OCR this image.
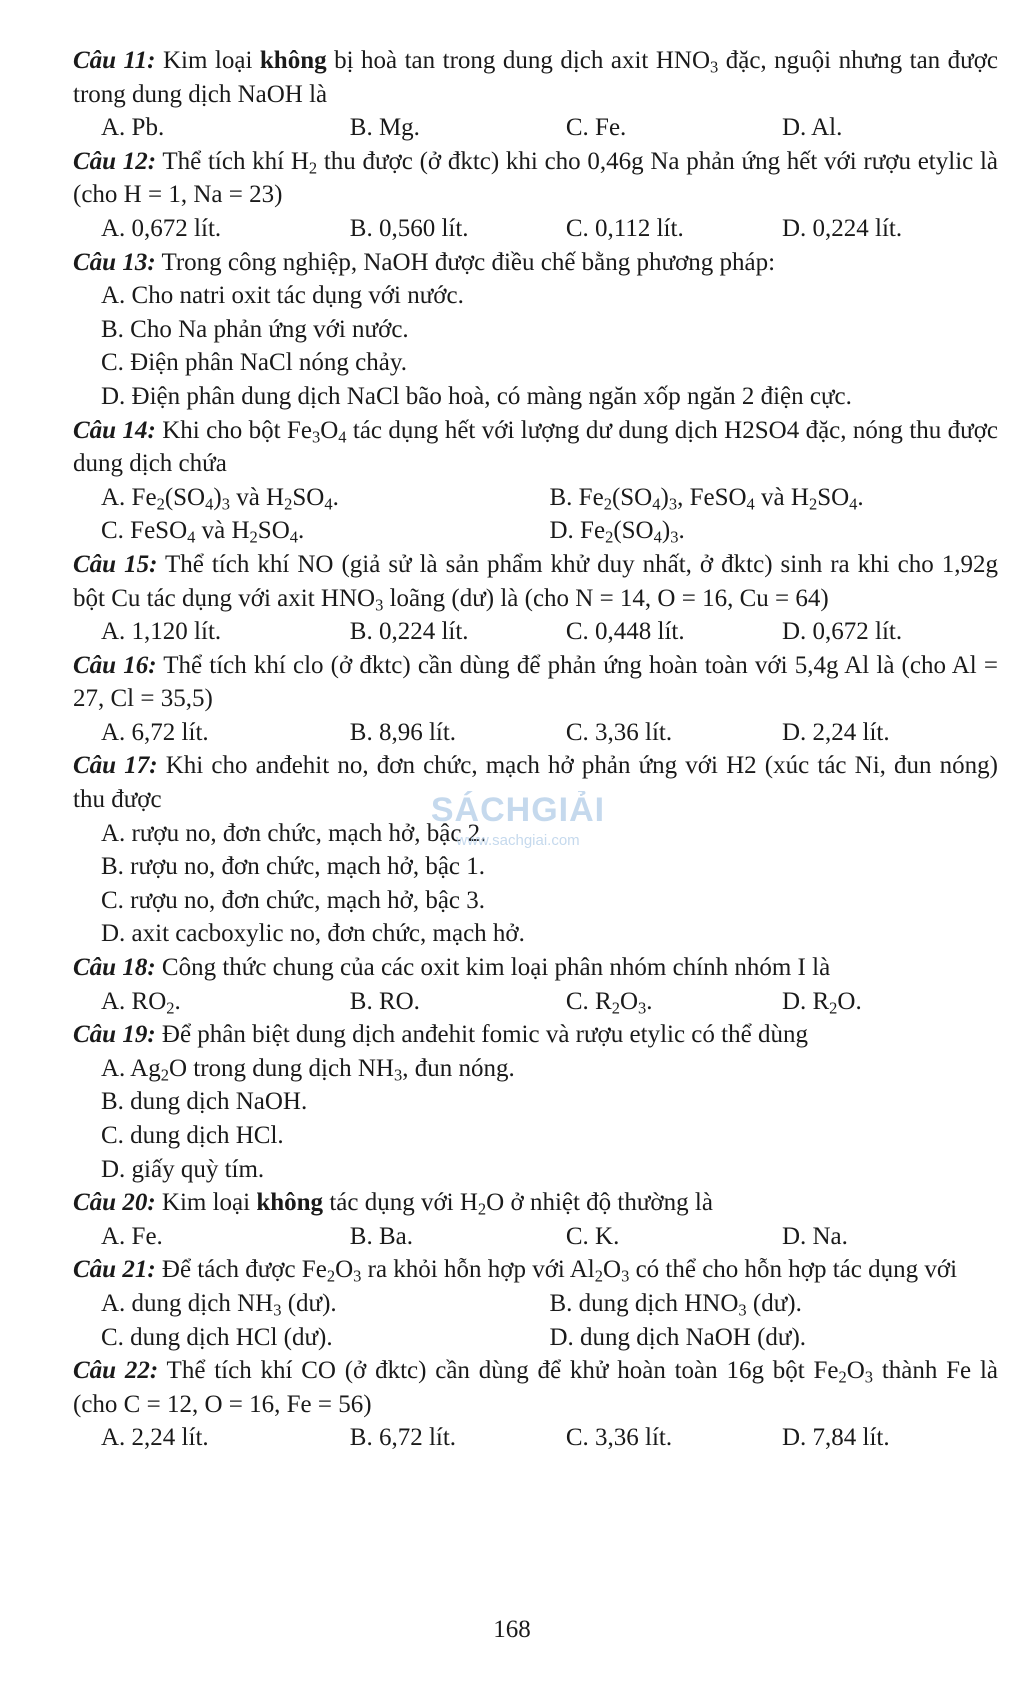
Câu 11: Kim loại không bị hoà tan trong dung dịch axit $HNO_3$ đặc, nguội nhưng tan được trong dung dịch NaOH là
A. Pb.	B. Mg.	C. Fe.	D. Al.
Câu 12: Thể tích khí $H_2$ thu được (ở đktc) khi cho 0,46g Na phản ứng hết với rượu etylic là (cho H = 1, Na = 23)
A. 0,672 lít.	B. 0,560 lít.	C. 0,112 lít.	D. 0,224 lít.
Câu 13: Trong công nghiệp, NaOH được điều chế bằng phương pháp:
A. Cho natri oxit tác dụng với nước.
B. Cho Na phản ứng với nước.
C. Điện phân NaCl nóng chảy.
D. Điện phân dung dịch NaCl bão hoà, có màng ngăn xốp ngăn 2 điện cực.
Câu 14: Khi cho bột $Fe_3O_4$ tác dụng hết với lượng dư dung dịch H2SO4 đặc, nóng thu được dung dịch chứa
A. $Fe_2(SO_4)_3$ và $H_2SO_4$.	B. $Fe_2(SO_4)_3$, FeSO$_4$ và $H_2SO_4$.
C. FeSO$_4$ và $H_2SO_4$.	D. $Fe_2(SO_4)_3$.
Câu 15: Thể tích khí NO (giả sử là sản phẩm khử duy nhất, ở đktc) sinh ra khi cho 1,92g bột Cu tác dụng với axit $HNO_3$ loãng (dư) là (cho N = 14, O = 16, Cu = 64)
A. 1,120 lít.	B. 0,224 lít.	C. 0,448 lít.	D. 0,672 lít.
Câu 16: Thể tích khí clo (ở đktc) cần dùng để phản ứng hoàn toàn với 5,4g Al là (cho Al = 27, Cl = 35,5)
A. 6,72 lít.	B. 8,96 lít.	C. 3,36 lít.	D. 2,24 lít.
Câu 17: Khi cho anđehit no, đơn chức, mạch hở phản ứng với H2 (xúc tác Ni, đun nóng) thu được
A. rượu no, đơn chức, mạch hở, bậc 2.
B. rượu no, đơn chức, mạch hở, bậc 1.
C. rượu no, đơn chức, mạch hở, bậc 3.
D. axit cacboxylic no, đơn chức, mạch hở.
Câu 18: Công thức chung của các oxit kim loại phân nhóm chính nhóm I là
A. $RO_2$.	B. RO.	C. $R_2O_3$.	D. $R_2O$.
Câu 19: Để phân biệt dung dịch anđehit fomic và rượu etylic có thể dùng
A. $Ag_2O$ trong dung dịch $NH_3$, đun nóng.
B. dung dịch NaOH.
C. dung dịch HCl.
D. giấy quỳ tím.
Câu 20: Kim loại không tác dụng với $H_2O$ ở nhiệt độ thường là
A. Fe.	B. Ba.	C. K.	D. Na.
Câu 21: Để tách được $Fe_2O_3$ ra khỏi hỗn hợp với $Al_2O_3$ có thể cho hỗn hợp tác dụng với
A. dung dịch $NH_3$ (dư).	B. dung dịch $HNO_3$ (dư).
C. dung dịch HCl (dư).	D. dung dịch NaOH (dư).
Câu 22: Thể tích khí CO (ở đktc) cần dùng để khử hoàn toàn 16g bột $Fe_2O_3$ thành Fe là (cho C = 12, O = 16, Fe = 56)
A. 2,24 lít.	B. 6,72 lít.	C. 3,36 lít.	D. 7,84 lít.
SÁCHGIẢI
www.sachgiai.com
168
